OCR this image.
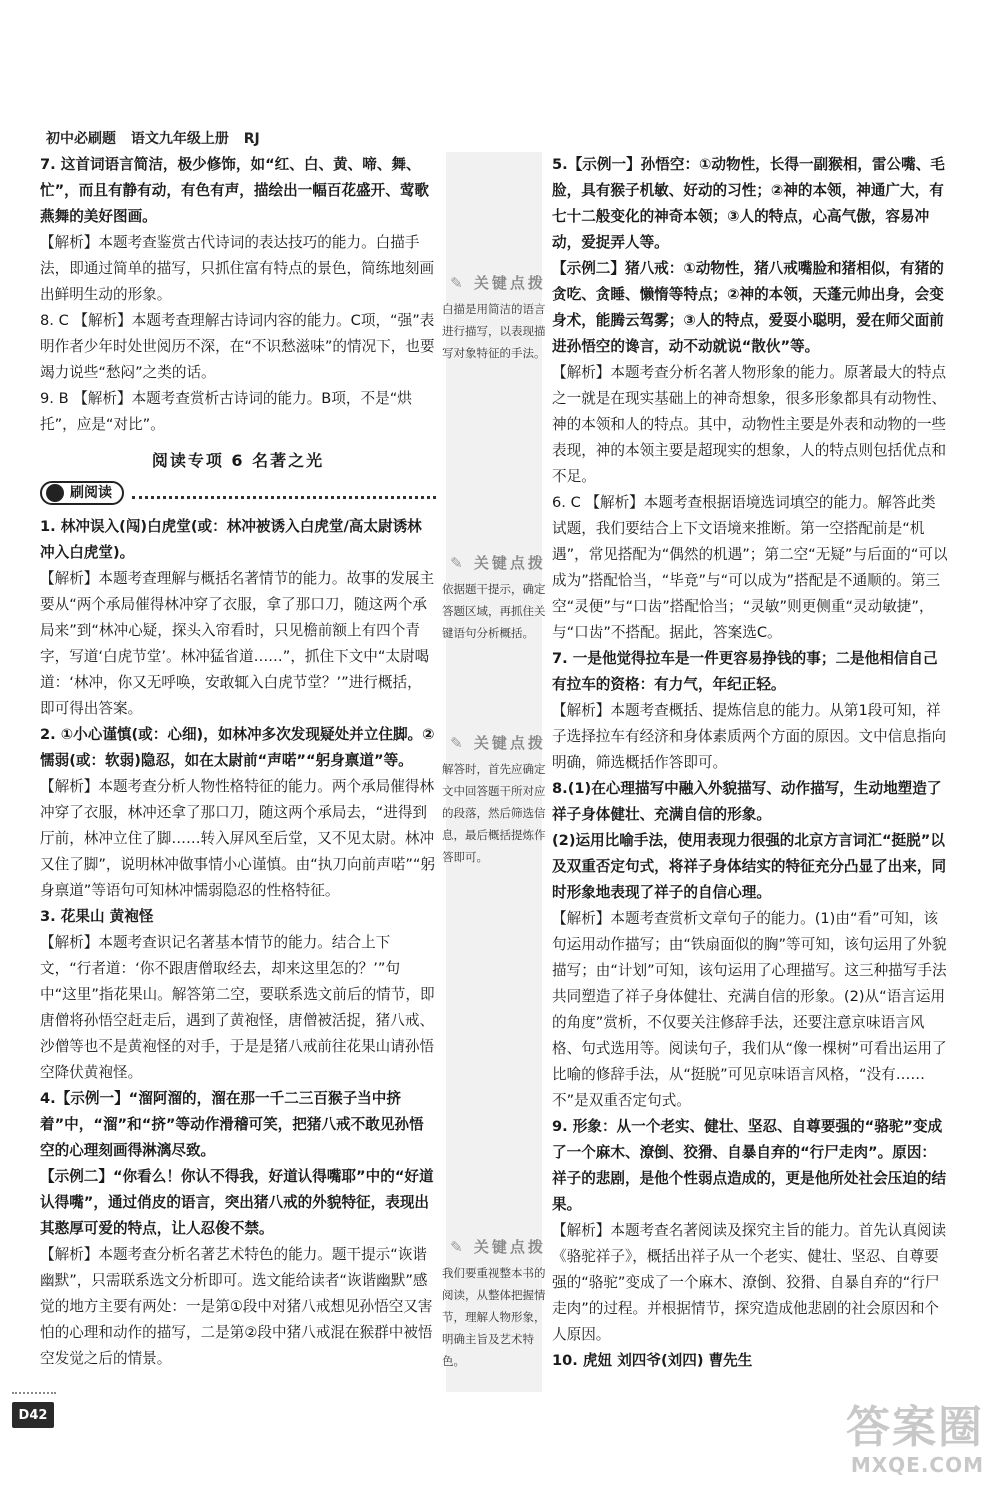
初中必刷题 语文九年级上册 RJ

7. 这首词语言简洁，极少修饰，如“红、白、黄、啼、舞、忙”，而且有静有动，有色有声，描绘出一幅百花盛开、莺歌燕舞的美好图画。

【解析】本题考查鉴赏古代诗词的表达技巧的能力。白描手法，即通过简单的描写，只抓住富有特点的景色，简练地刻画出鲜明生动的形象。

8. C 【解析】本题考查理解古诗词内容的能力。C项，“强”表明作者少年时处世阅历不深，在“不识愁滋味”的情况下，也要竭力说些“愁闷”之类的话。

9. B 【解析】本题考查赏析古诗词的能力。B项，不是“烘托”，应是“对比”。

阅读专项 6 名著之光
刷阅读

1. 林冲误入(闯)白虎堂(或：林冲被诱入白虎堂/高太尉诱林冲入白虎堂)。

【解析】本题考查理解与概括名著情节的能力。故事的发展主要从“两个承局催得林冲穿了衣服，拿了那口刀，随这两个承局来”到“林冲心疑，探头入帘看时，只见檐前额上有四个青字，写道‘白虎节堂’。林冲猛省道……”，抓住下文中“太尉喝道：‘林冲，你又无呼唤，安敢辄入白虎节堂？’”进行概括，即可得出答案。

2. ①小心谨慎(或：心细)，如林冲多次发现疑处并立住脚。②懦弱(或：软弱)隐忍，如在太尉前“声喏”“躬身禀道”等。

【解析】本题考查分析人物性格特征的能力。两个承局催得林冲穿了衣服，林冲还拿了那口刀，随这两个承局去，“进得到厅前，林冲立住了脚……转入屏风至后堂，又不见太尉。林冲又住了脚”，说明林冲做事情小心谨慎。由“执刀向前声喏”“躬身禀道”等语句可知林冲懦弱隐忍的性格特征。

3. 花果山 黄袍怪

【解析】本题考查识记名著基本情节的能力。结合上下文，“行者道：‘你不跟唐僧取经去，却来这里怎的？’”句中“这里”指花果山。解答第二空，要联系选文前后的情节，即唐僧将孙悟空赶走后，遇到了黄袍怪，唐僧被活捉，猪八戒、沙僧等也不是黄袍怪的对手，于是是猪八戒前往花果山请孙悟空降伏黄袍怪。

4.【示例一】“溜阿溜的，溜在那一千二三百猴子当中挤着”中，“溜”和“挤”等动作滑稽可笑，把猪八戒不敢见孙悟空的心理刻画得淋漓尽致。

【示例二】“你看么！你认不得我，好道认得嘴耶”中的“好道认得嘴”，通过俏皮的语言，突出猪八戒的外貌特征，表现出其憨厚可爱的特点，让人忍俊不禁。

【解析】本题考查分析名著艺术特色的能力。题干提示“诙谐幽默”，只需联系选文分析即可。选文能给读者“诙谐幽默”感觉的地方主要有两处：一是第①段中对猪八戒想见孙悟空又害怕的心理和动作的描写，二是第②段中猪八戒混在猴群中被悟空发觉之后的情景。

✎ 关键点拨
白描是用简洁的语言进行描写，以表现描写对象特征的手法。
✎ 关键点拨
依据题干提示，确定答题区域，再抓住关键语句分析概括。
✎ 关键点拨
解答时，首先应确定文中回答题干所对应的段落，然后筛选信息，最后概括提炼作答即可。
✎ 关键点拨
我们要重视整本书的阅读，从整体把握情节，理解人物形象，明确主旨及艺术特色。

5.【示例一】孙悟空：①动物性，长得一副猴相，雷公嘴、毛脸，具有猴子机敏、好动的习性；②神的本领，神通广大，有七十二般变化的神奇本领；③人的特点，心高气傲，容易冲动，爱捉弄人等。

【示例二】猪八戒：①动物性，猪八戒嘴脸和猪相似，有猪的贪吃、贪睡、懒惰等特点；②神的本领，天蓬元帅出身，会变身术，能腾云驾雾；③人的特点，爱耍小聪明，爱在师父面前进孙悟空的谗言，动不动就说“散伙”等。

【解析】本题考查分析名著人物形象的能力。原著最大的特点之一就是在现实基础上的神奇想象，很多形象都具有动物性、神的本领和人的特点。其中，动物性主要是外表和动物的一些表现，神的本领主要是超现实的想象，人的特点则包括优点和不足。

6. C 【解析】本题考查根据语境选词填空的能力。解答此类试题，我们要结合上下文语境来推断。第一空搭配前是“机遇”，常见搭配为“偶然的机遇”；第二空“无疑”与后面的“可以成为”搭配恰当，“毕竟”与“可以成为”搭配是不通顺的。第三空“灵便”与“口齿”搭配恰当；“灵敏”则更侧重“灵动敏捷”，与“口齿”不搭配。据此，答案选C。

7. 一是他觉得拉车是一件更容易挣钱的事；二是他相信自己有拉车的资格：有力气，年纪正轻。

【解析】本题考查概括、提炼信息的能力。从第1段可知，祥子选择拉车有经济和身体素质两个方面的原因。文中信息指向明确，筛选概括作答即可。

8.(1)在心理描写中融入外貌描写、动作描写，生动地塑造了祥子身体健壮、充满自信的形象。

(2)运用比喻手法，使用表现力很强的北京方言词汇“挺脱”以及双重否定句式，将祥子身体结实的特征充分凸显了出来，同时形象地表现了祥子的自信心理。

【解析】本题考查赏析文章句子的能力。(1)由“看”可知，该句运用动作描写；由“铁扇面似的胸”等可知，该句运用了外貌描写；由“计划”可知，该句运用了心理描写。这三种描写手法共同塑造了祥子身体健壮、充满自信的形象。(2)从“语言运用的角度”赏析，不仅要关注修辞手法，还要注意京味语言风格、句式选用等。阅读句子，我们从“像一棵树”可看出运用了比喻的修辞手法，从“挺脱”可见京味语言风格，“没有……不”是双重否定句式。

9. 形象：从一个老实、健壮、坚忍、自尊要强的“骆驼”变成了一个麻木、潦倒、狡猾、自暴自弃的“行尸走肉”。原因：祥子的悲剧，是他个性弱点造成的，更是他所处社会压迫的结果。

【解析】本题考查名著阅读及探究主旨的能力。首先认真阅读《骆驼祥子》，概括出祥子从一个老实、健壮、坚忍、自尊要强的“骆驼”变成了一个麻木、潦倒、狡猾、自暴自弃的“行尸走肉”的过程。并根据情节，探究造成他悲剧的社会原因和个人原因。

10. 虎妞 刘四爷(刘四) 曹先生

D42	答案圈
MXQE.COM
